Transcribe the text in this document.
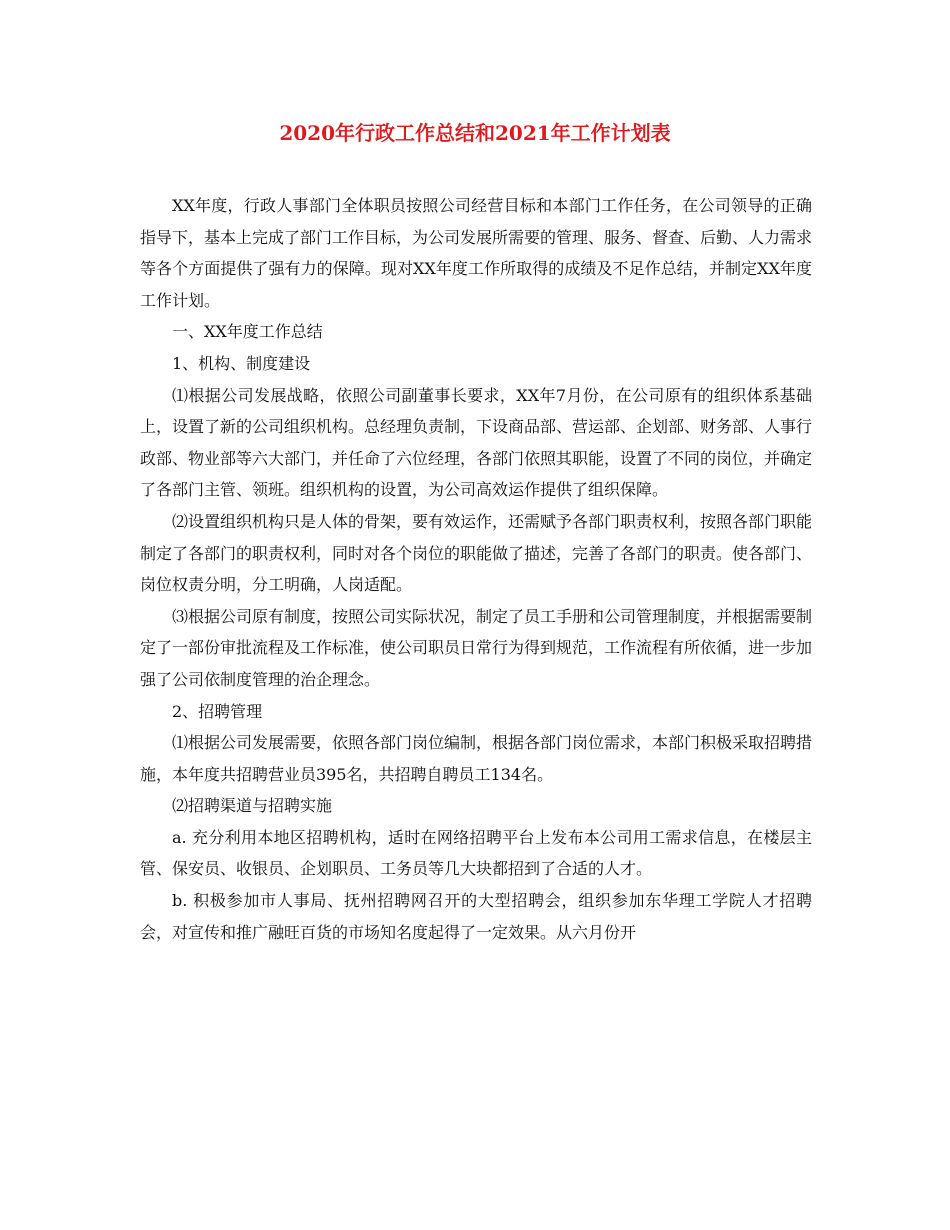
2020年行政工作总结和2021年工作计划表

XX年度，行政人事部门全体职员按照公司经营目标和本部门工作任务，在公司领导的正确指导下，基本上完成了部门工作目标，为公司发展所需要的管理、服务、督查、后勤、人力需求等各个方面提供了强有力的保障。现对XX年度工作所取得的成绩及不足作总结，并制定XX年度工作计划。

一、XX年度工作总结

1、机构、制度建设

⑴根据公司发展战略，依照公司副董事长要求，XX年7月份，在公司原有的组织体系基础上，设置了新的公司组织机构。总经理负责制，下设商品部、营运部、企划部、财务部、人事行政部、物业部等六大部门，并任命了六位经理，各部门依照其职能，设置了不同的岗位，并确定了各部门主管、领班。组织机构的设置，为公司高效运作提供了组织保障。

⑵设置组织机构只是人体的骨架，要有效运作，还需赋予各部门职责权利，按照各部门职能制定了各部门的职责权利，同时对各个岗位的职能做了描述，完善了各部门的职责。使各部门、岗位权责分明，分工明确，人岗适配。

⑶根据公司原有制度，按照公司实际状况，制定了员工手册和公司管理制度，并根据需要制定了一部份审批流程及工作标准，使公司职员日常行为得到规范，工作流程有所依循，进一步加强了公司依制度管理的治企理念。

2、招聘管理

⑴根据公司发展需要，依照各部门岗位编制，根据各部门岗位需求，本部门积极采取招聘措施，本年度共招聘营业员395名，共招聘自聘员工134名。

⑵招聘渠道与招聘实施

a. 充分利用本地区招聘机构，适时在网络招聘平台上发布本公司用工需求信息，在楼层主管、保安员、收银员、企划职员、工务员等几大块都招到了合适的人才。

b. 积极参加市人事局、抚州招聘网召开的大型招聘会，组织参加东华理工学院人才招聘会，对宣传和推广融旺百货的市场知名度起得了一定效果。从六月份开
